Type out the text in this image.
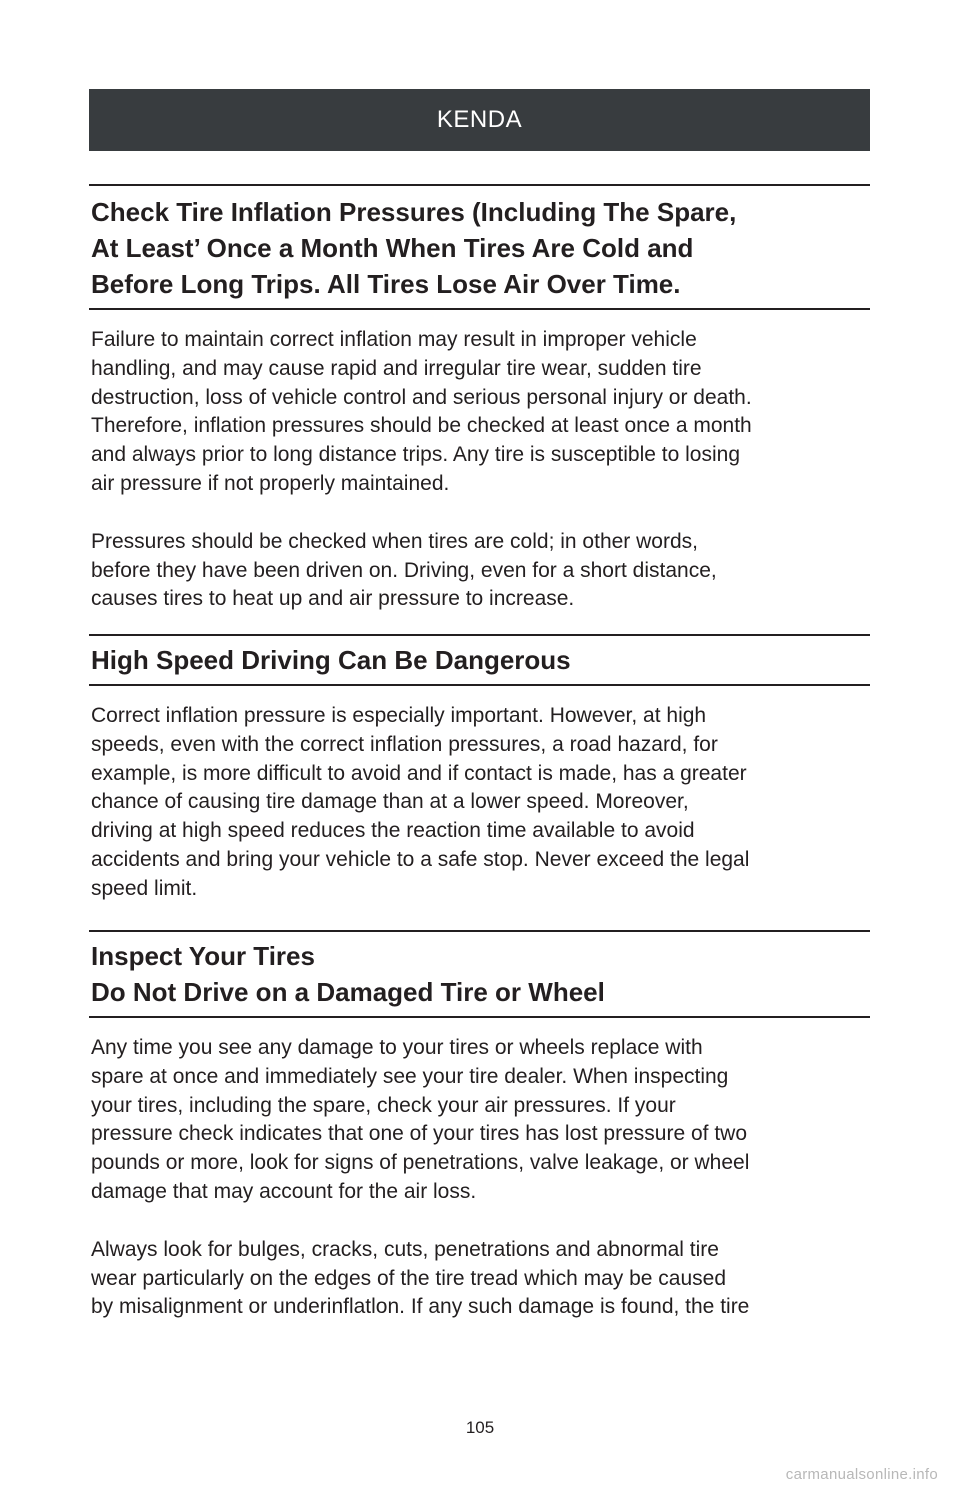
KENDA
Check Tire Inflation Pressures (Including The Spare,
At Least’ Once a Month When Tires Are Cold and
Before Long Trips. All Tires Lose Air Over Time.

Failure to maintain correct inflation may result in improper vehicle
handling, and may cause rapid and irregular tire wear, sudden tire
destruction, loss of vehicle control and serious personal injury or death.
Therefore, inflation pressures should be checked at least once a month
and always prior to long distance trips. Any tire is susceptible to losing
air pressure if not properly maintained.

Pressures should be checked when tires are cold; in other words,
before they have been driven on. Driving, even for a short distance,
causes tires to heat up and air pressure to increase.

High Speed Driving Can Be Dangerous

Correct inflation pressure is especially important. However, at high
speeds, even with the correct inflation pressures, a road hazard, for
example, is more difficult to avoid and if contact is made, has a greater
chance of causing tire damage than at a lower speed. Moreover,
driving at high speed reduces the reaction time available to avoid
accidents and bring your vehicle to a safe stop. Never exceed the legal
speed limit.

Inspect Your Tires
Do Not Drive on a Damaged Tire or Wheel

Any time you see any damage to your tires or wheels replace with
spare at once and immediately see your tire dealer. When inspecting
your tires, including the spare, check your air pressures. If your
pressure check indicates that one of your tires has lost pressure of two
pounds or more, look for signs of penetrations, valve leakage, or wheel
damage that may account for the air loss.

Always look for bulges, cracks, cuts, penetrations and abnormal tire
wear particularly on the edges of the tire tread which may be caused
by misalignment or underinflatlon. If any such damage is found, the tire

105
carmanualsonline.info
